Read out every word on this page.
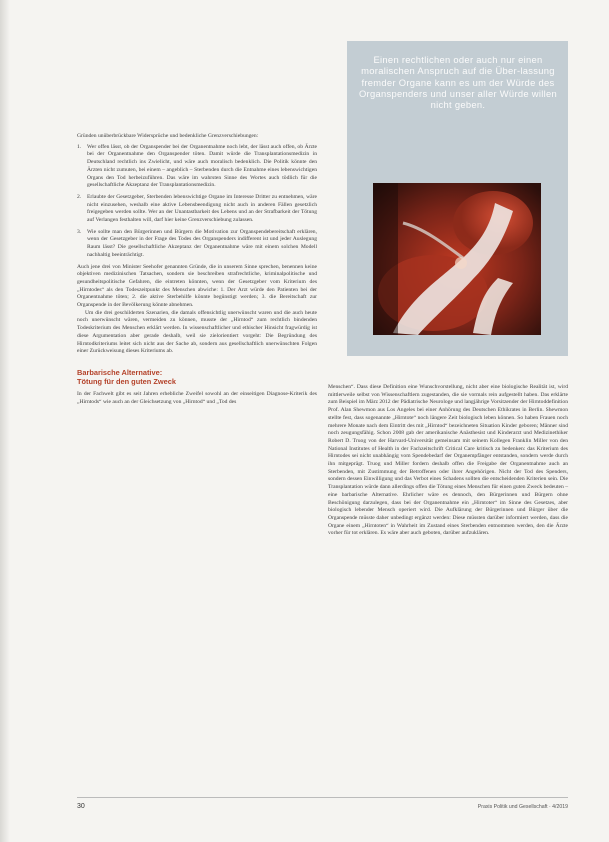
Gründen unüberbrückbare Widersprüche und bedenkliche Grenzverschiebungen:

1. Wer offen lässt, ob der Organspender bei der Organentnahme noch lebt, der lässt auch offen, ob Ärzte bei der Organentnahme den Organspender töten. Damit würde die Transplantationsmedizin in Deutschland rechtlich ins Zwielicht, und wäre auch moralisch bedenklich. Die Politik könnte den Ärzten nicht zumuten, bei einem – angeblich – Sterbenden durch die Entnahme eines lebenswichtigen Organs den Tod herbeizuführen. Das wäre im wahrsten Sinne des Wortes auch tödlich für die gesellschaftliche Akzeptanz der Transplantationsmedizin.
2. Erlaubte der Gesetzgeber, Sterbenden lebenswichtige Organe im Interesse Dritter zu entnehmen, wäre nicht einzusehen, weshalb eine aktive Lebensbeendigung nicht auch in anderen Fällen gesetzlich freigegeben werden sollte. Wer an der Unantastbarkeit des Lebens und an der Strafbarkeit der Tötung auf Verlangen festhalten will, darf hier keine Grenzverschiebung zulassen.
3. Wie sollte man den Bürgerinnen und Bürgern die Motivation zur Organspendebereitschaft erklären, wenn der Gesetzgeber in der Frage des Todes des Organspenders indifferent ist und jeder Auslegung Raum lässt? Die gesellschaftliche Akzeptanz der Organentnahme wäre mit einem solchen Modell nachhaltig beeinträchtigt.

Auch jene drei von Minister Seehofer genannten Gründe, die in unserem Sinne sprechen, benennen keine objektiven medizinischen Tatsachen, sondern sie beschreiben strafrechtliche, kriminalpolitische und gesundheitspolitische Gefahren, die eintreten könnten, wenn der Gesetzgeber vom Kriterium des „Hirntodes“ als den Todeszeitpunkt des Menschen abwiche: 1. Der Arzt würde den Patienten bei der Organentnahme töten; 2. die aktive Sterbehilfe könnte begünstigt werden; 3. die Bereitschaft zur Organspende in der Bevölkerung könnte abnehmen.

Um die drei geschilderten Szenarien, die damals offensichtlig unerwünscht waren und die auch heute noch unerwünscht wären, vermeiden zu können, musste der „Hirntod“ zum rechtlich bindenden Todeskriterium des Menschen erklärt werden. In wissenschaftlicher und ethischer Hinsicht fragwürdig ist diese Argumentation aber gerade deshalb, weil sie zielorientiert vorgeht: Die Begründung des Hirntodkriteriums leitet sich nicht aus der Sache ab, sondern aus gesellschaftlich unerwünschten Folgen einer Zurückweisung dieses Kriteriums ab.

Barbarische Alternative:
Tötung für den guten Zweck

In der Fachwelt gibt es seit Jahren erhebliche Zweifel sowohl an der einseitigen Diagnose-Kriterik des „Hirntods“ wie auch an der Gleichsetzung von „Hirntod“ und „Tod des

Einen rechtlichen oder auch nur einen moralischen Anspruch auf die Über-lassung fremder Organe kann es um der Würde des Organspenders und unser aller Würde willen nicht geben.

Menschen“. Dass diese Definition eine Wunschvorstellung, nicht aber eine biologische Realität ist, wird mittlerweile selbst von Wissenschaftlern zugestanden, die sie vormals rein aufgestellt haben. Das erklärte zum Beispiel im März 2012 der Pädiatrische Neurologe und langjährige Vorsitzender der Hirntoddefinition Prof. Alan Shewmon aus Los Angeles bei einer Anhörung des Deutschen Ethikrates in Berlin. Shewmon stellte fest, dass sogenannte „Hirntote“ noch längere Zeit biologisch leben können. So haben Frauen noch mehrere Monate nach dem Eintritt des mit „Hirntod“ bezeichneten Situation Kinder geboren; Männer sind noch zeugungsfähig. Schon 2008 gab der amerikanische Anästhesist und Kinderarzt und Medizinethiker Robert D. Truog von der Harvard-Universität gemeinsam mit seinem Kollegen Franklin Miller von den National Institutes of Health in der Fachzeitschrift Critical Care kritisch zu bedenken: das Kriterium des Hirntodes sei nicht unabhängig vom Spendebedarf der Organempfänger entstanden, sondern werde durch ihn mitgeprägt. Truog und Miller fordern deshalb offen die Freigabe der Organentnahme auch an Sterbenden, mit Zustimmung der Betroffenen oder ihrer Angehörigen. Nicht der Tod des Spenders, sondern dessen Einwilligung und das Verbot eines Schadens sollten die entscheidenden Kriterien sein. Die Transplantation würde dann allerdings offen die Tötung eines Menschen für einen guten Zweck bedeuten – eine barbarische Alternative. Ehrlicher wäre es dennoch, den Bürgerinnen und Bürgern ohne Beschönigung darzulegen, dass bei der Organentnahme ein „Hirntoter“ im Sinne des Gesetzes, aber biologisch lebender Mensch operiert wird. Die Aufklärung der Bürgerinnen und Bürger über die Organspende müsste daher unbedingt ergänzt werden: Diese müssten darüber informiert werden, dass die Organe einem „Hirntoten“ in Wahrheit im Zustand eines Sterbenden entnommen werden, den die Ärzte vorher für tot erklären. Es wäre aber auch geboten, darüber aufzuklären.

30	Praxis Politik und Gesellschaft · 4/2019
